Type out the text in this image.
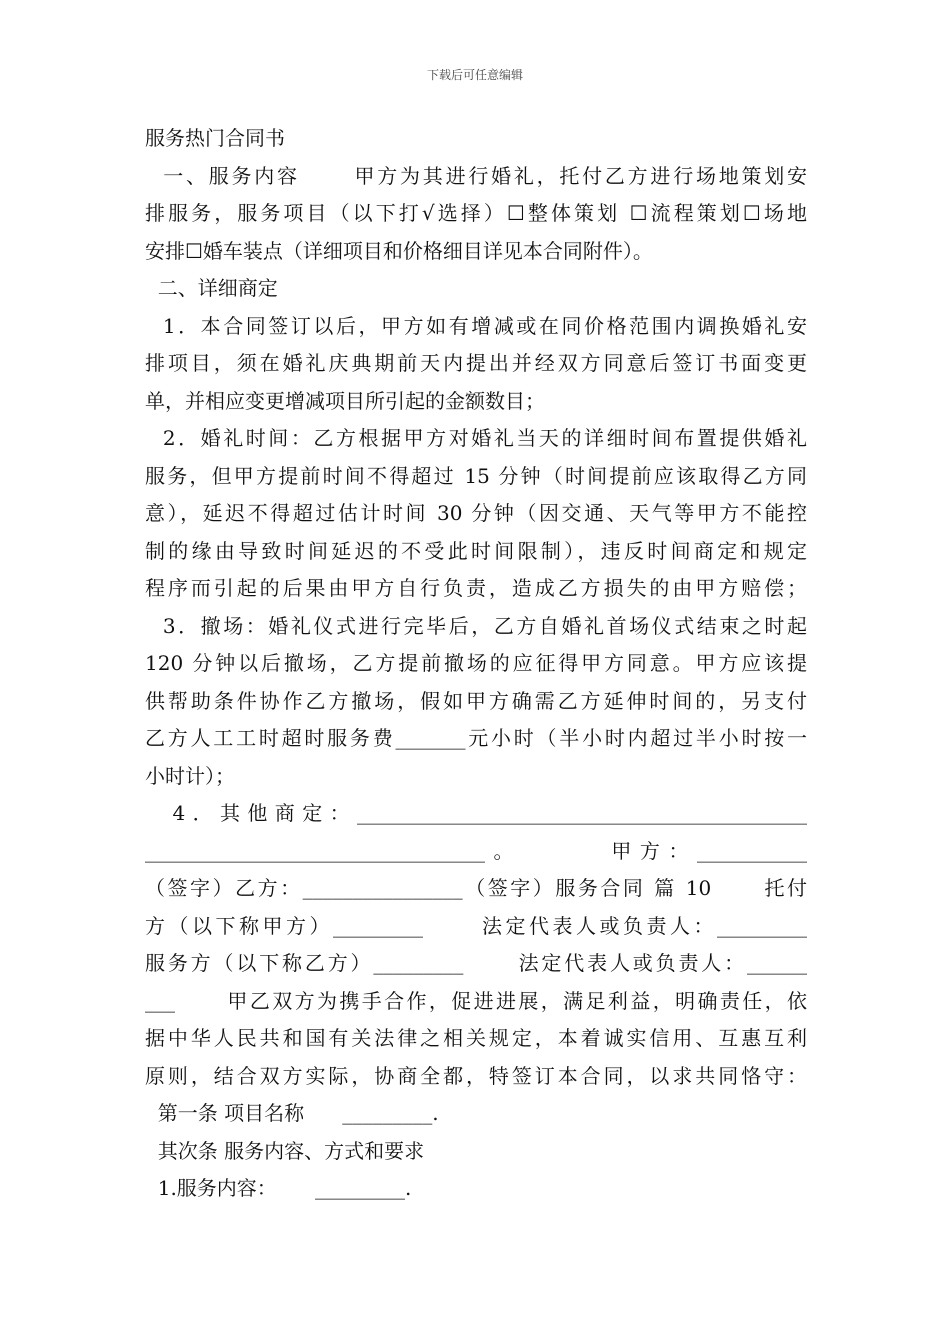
下载后可任意编辑
服务热门合同书
一、服务内容      甲方为其进行婚礼，托付乙方进行场地策划安
排服务，服务项目（以下打√选择）☐整体策划 ☐流程策划☐场地
安排☐婚车装点（详细项目和价格细目详见本合同附件）。
二、详细商定
1．本合同签订以后，甲方如有增减或在同价格范围内调换婚礼安
排项目，须在婚礼庆典期前天内提出并经双方同意后签订书面变更
单，并相应变更增减项目所引起的金额数目；
2．婚礼时间：乙方根据甲方对婚礼当天的详细时间布置提供婚礼
服务，但甲方提前时间不得超过 15 分钟（时间提前应该取得乙方同
意），延迟不得超过估计时间 30 分钟（因交通、天气等甲方不能控
制的缘由导致时间延迟的不受此时间限制），违反时间商定和规定
程序而引起的后果由甲方自行负责，造成乙方损失的由甲方赔偿；
3．撤场：婚礼仪式进行完毕后，乙方自婚礼首场仪式结束之时起
120 分钟以后撤场，乙方提前撤场的应征得甲方同意。甲方应该提
供帮助条件协作乙方撤场，假如甲方确需乙方延伸时间的，另支付
乙方人工工时超时服务费_______元小时（半小时内超过半小时按一
小时计）；
4．其他商定：_____________________________________________
__________________________________。      甲方：___________
（签字）乙方：________________（签字）服务合同 篇 10      托付
方（以下称甲方）_________      法定代表人或负责人：_________
服务方（以下称乙方）_________      法定代表人或负责人：______
___      甲乙双方为携手合作，促进进展，满足利益，明确责任，依
据中华人民共和国有关法律之相关规定，本着诚实信用、互惠互利
原则，结合双方实际，协商全都，特签订本合同，以求共同恪守：
第一条 项目名称      _________.
其次条 服务内容、方式和要求
1.服务内容：      _________.
